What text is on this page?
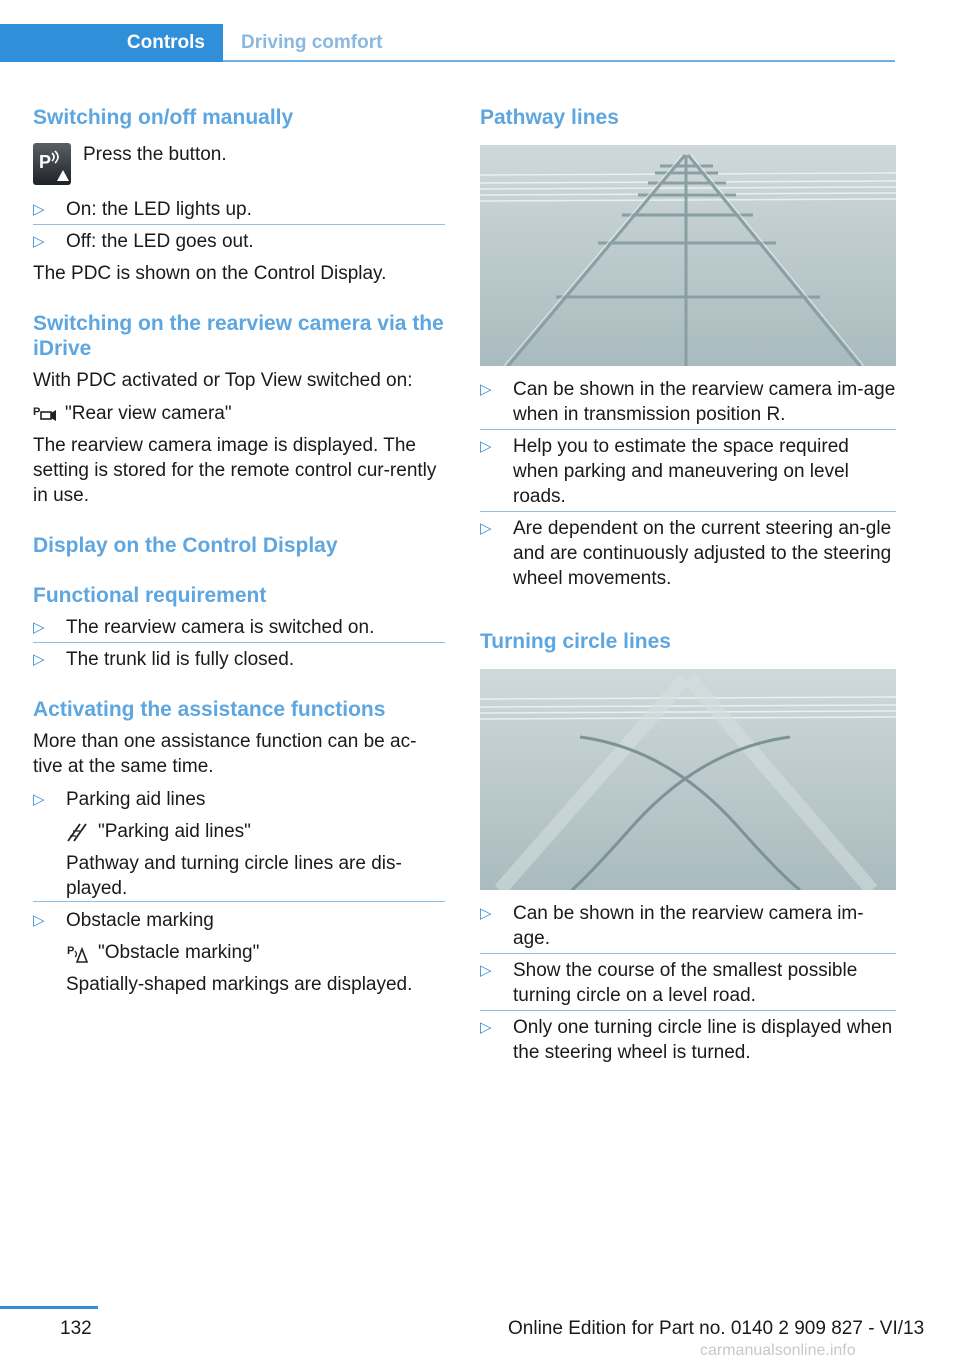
Controls	Driving comfort
Switching on/off manually
P Press the button.
▷ On: the LED lights up.
▷ Off: the LED goes out.
The PDC is shown on the Control Display.
Switching on the rearview camera via the iDrive
With PDC activated or Top View switched on:
P "Rear view camera"
The rearview camera image is displayed. The setting is stored for the remote control cur-rently in use.
Display on the Control Display
Functional requirement
▷ The rearview camera is switched on.
▷ The trunk lid is fully closed.
Activating the assistance functions
More than one assistance function can be ac-tive at the same time.
▷ Parking aid lines
"Parking aid lines"
Pathway and turning circle lines are dis-played.
▷ Obstacle marking
P "Obstacle marking"
Spatially-shaped markings are displayed.
Pathway lines
▷ Can be shown in the rearview camera im-age when in transmission position R.
▷ Help you to estimate the space required when parking and maneuvering on level roads.
▷ Are dependent on the current steering an-gle and are continuously adjusted to the steering wheel movements.
Turning circle lines
▷ Can be shown in the rearview camera im-age.
▷ Show the course of the smallest possible turning circle on a level road.
▷ Only one turning circle line is displayed when the steering wheel is turned.
132	Online Edition for Part no. 0140 2 909 827 - VI/13
carmanualsonline.info
